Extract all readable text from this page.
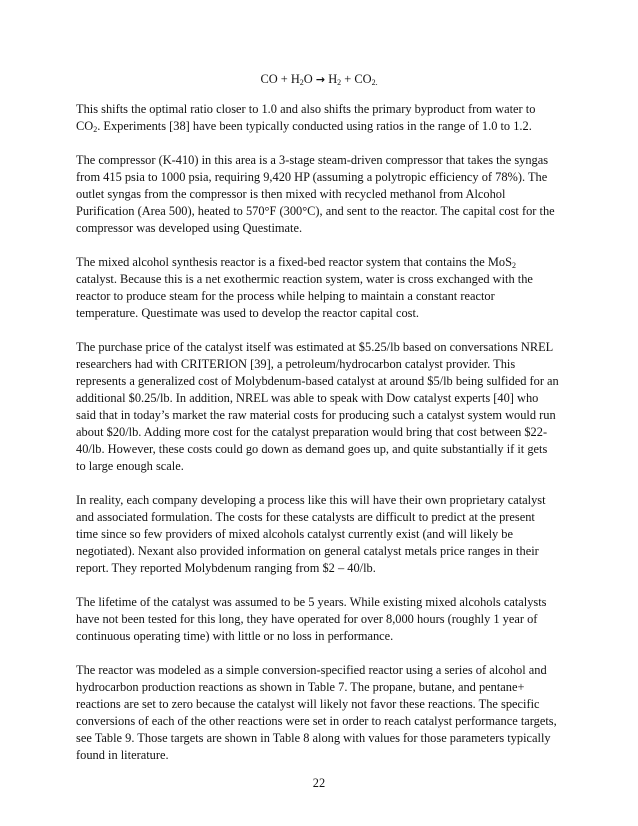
CO + $H_2O \to H_2 + CO_{2.}$

This shifts the optimal ratio closer to 1.0 and also shifts the primary byproduct from water to
$CO_2$. Experiments [38] have been typically conducted using ratios in the range of 1.0 to 1.2.

The compressor (K-410) in this area is a 3-stage steam-driven compressor that takes the syngas
from 415 psia to 1000 psia, requiring 9,420 HP (assuming a polytropic efficiency of 78%). The
outlet syngas from the compressor is then mixed with recycled methanol from Alcohol
Purification (Area 500), heated to 570°F (300°C), and sent to the reactor. The capital cost for the
compressor was developed using Questimate.

The mixed alcohol synthesis reactor is a fixed-bed reactor system that contains the MoS$_2$
catalyst. Because this is a net exothermic reaction system, water is cross exchanged with the
reactor to produce steam for the process while helping to maintain a constant reactor
temperature. Questimate was used to develop the reactor capital cost.

The purchase price of the catalyst itself was estimated at $5.25/lb based on conversations NREL
researchers had with CRITERION [39], a petroleum/hydrocarbon catalyst provider. This
represents a generalized cost of Molybdenum-based catalyst at around $5/lb being sulfided for an
additional $0.25/lb. In addition, NREL was able to speak with Dow catalyst experts [40] who
said that in today’s market the raw material costs for producing such a catalyst system would run
about $20/lb. Adding more cost for the catalyst preparation would bring that cost between $22-
40/lb. However, these costs could go down as demand goes up, and quite substantially if it gets
to large enough scale.

In reality, each company developing a process like this will have their own proprietary catalyst
and associated formulation. The costs for these catalysts are difficult to predict at the present
time since so few providers of mixed alcohols catalyst currently exist (and will likely be
negotiated). Nexant also provided information on general catalyst metals price ranges in their
report. They reported Molybdenum ranging from $2 – 40/lb.

The lifetime of the catalyst was assumed to be 5 years. While existing mixed alcohols catalysts
have not been tested for this long, they have operated for over 8,000 hours (roughly 1 year of
continuous operating time) with little or no loss in performance.

The reactor was modeled as a simple conversion-specified reactor using a series of alcohol and
hydrocarbon production reactions as shown in Table 7. The propane, butane, and pentane+
reactions are set to zero because the catalyst will likely not favor these reactions. The specific
conversions of each of the other reactions were set in order to reach catalyst performance targets,
see Table 9. Those targets are shown in Table 8 along with values for those parameters typically
found in literature.

22
